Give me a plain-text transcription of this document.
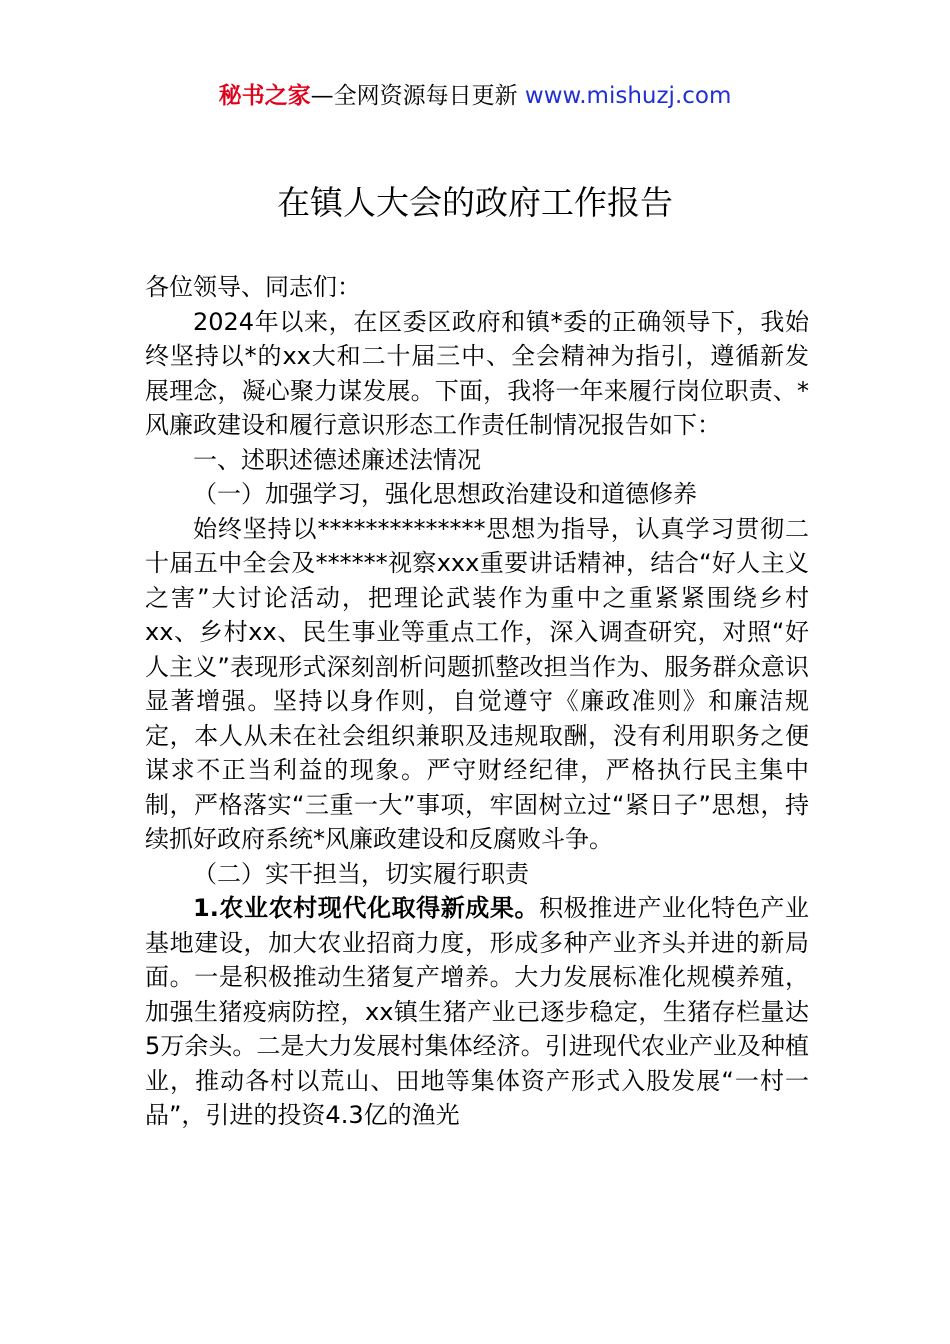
秘书之家—全网资源每日更新 www.mishuzj.com
在镇人大会的政府工作报告

各位领导、同志们：

2024年以来，在区委区政府和镇*委的正确领导下，我始终坚持以*的xx大和二十届三中、全会精神为指引，遵循新发展理念，凝心聚力谋发展。下面，我将一年来履行岗位职责、*风廉政建设和履行意识形态工作责任制情况报告如下：

一、述职述德述廉述法情况

（一）加强学习，强化思想政治建设和道德修养

始终坚持以**************思想为指导，认真学习贯彻二十届五中全会及******视察xxx重要讲话精神，结合“好人主义之害”大讨论活动，把理论武装作为重中之重紧紧围绕乡村xx、乡村xx、民生事业等重点工作，深入调查研究，对照“好人主义”表现形式深刻剖析问题抓整改担当作为、服务群众意识显著增强。坚持以身作则，自觉遵守《廉政准则》和廉洁规定，本人从未在社会组织兼职及违规取酬，没有利用职务之便谋求不正当利益的现象。严守财经纪律，严格执行民主集中制，严格落实“三重一大”事项，牢固树立过“紧日子”思想，持续抓好政府系统*风廉政建设和反腐败斗争。

（二）实干担当，切实履行职责

1.农业农村现代化取得新成果。积极推进产业化特色产业基地建设，加大农业招商力度，形成多种产业齐头并进的新局面。一是积极推动生猪复产增养。大力发展标准化规模养殖，加强生猪疫病防控，xx镇生猪产业已逐步稳定，生猪存栏量达5万余头。二是大力发展村集体经济。引进现代农业产业及种植业，推动各村以荒山、田地等集体资产形式入股发展“一村一品”，引进的投资4.3亿的渔光
